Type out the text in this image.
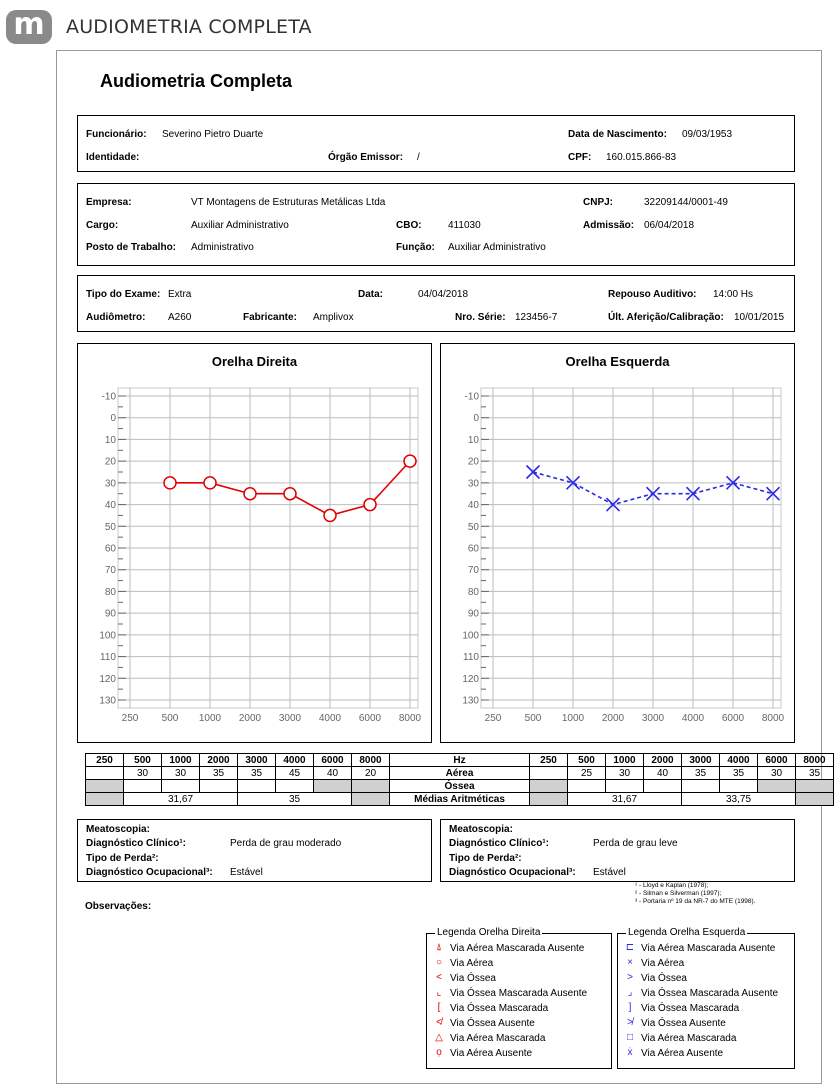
m	AUDIOMETRIA COMPLETA
Audiometria Completa
Funcionário: Severino Pietro Duarte	Data de Nascimento: 09/03/1953
Identidade:	Órgão Emissor: /	CPF: 160.015.866-83
Empresa:	VT Montagens de Estruturas Metálicas Ltda	CNPJ:	32209144/0001-49
Cargo:	Auxiliar Administrativo	CBO:	411030	Admissão: 06/04/2018
Posto de Trabalho: Administrativo	Função: Auxiliar Administrativo
Tipo do Exame: Extra	Data:	04/04/2018	Repouso Auditivo: 14:00 Hs
Audiômetro: A260	Fabricante: Amplivox	Nro. Série: 123456-7	Últ. Aferição/Calibração: 10/01/2015
Orelha Direita
-10
0
10
20
30
40
50
60
70
80
90
100
110
120
130
250 500 1000 2000 3000 4000 6000 8000
Orelha Esquerda
-10
0
10
20
30
40
50
60
70
80
90
100
110
120
130
250 500 1000 2000 3000 4000 6000 8000
250	500	1000	2000	3000	4000	6000	8000	Hz	250	500	1000	2000	3000	4000	6000	8000
	30	30	35	35	45	40	20	Aérea		25	30	40	35	35	30	35
								Óssea								
	31,67			35				Médias Aritméticas		31,67			33,75			
Meatoscopia:
Diagnóstico Clínico¹:	Perda de grau moderado
Tipo de Perda²:
Diagnóstico Ocupacional³: Estável
Meatoscopia:
Diagnóstico Clínico¹:	Perda de grau leve
Tipo de Perda²:
Diagnóstico Ocupacional³: Estável
¹ - Lloyd e Kaplan (1978);
² - Silman e Silverman (1997);
³ - Portaria nº 19 da NR-7 do MTE (1998).
Observações:
Legenda Orelha Direita
⍋ Via Aérea Mascarada Ausente
○ Via Aérea
< Via Óssea
⌞ Via Óssea Mascarada Ausente
[ Via Óssea Mascarada
≮ Via Óssea Ausente
△ Via Aérea Mascarada
ọ Via Aérea Ausente
Legenda Orelha Esquerda
⊏ Via Aérea Mascarada Ausente
× Via Aérea
> Via Óssea
⌟ Via Óssea Mascarada Ausente
] Via Óssea Mascarada
≯ Via Óssea Ausente
□ Via Aérea Mascarada
ẋ Via Aérea Ausente
